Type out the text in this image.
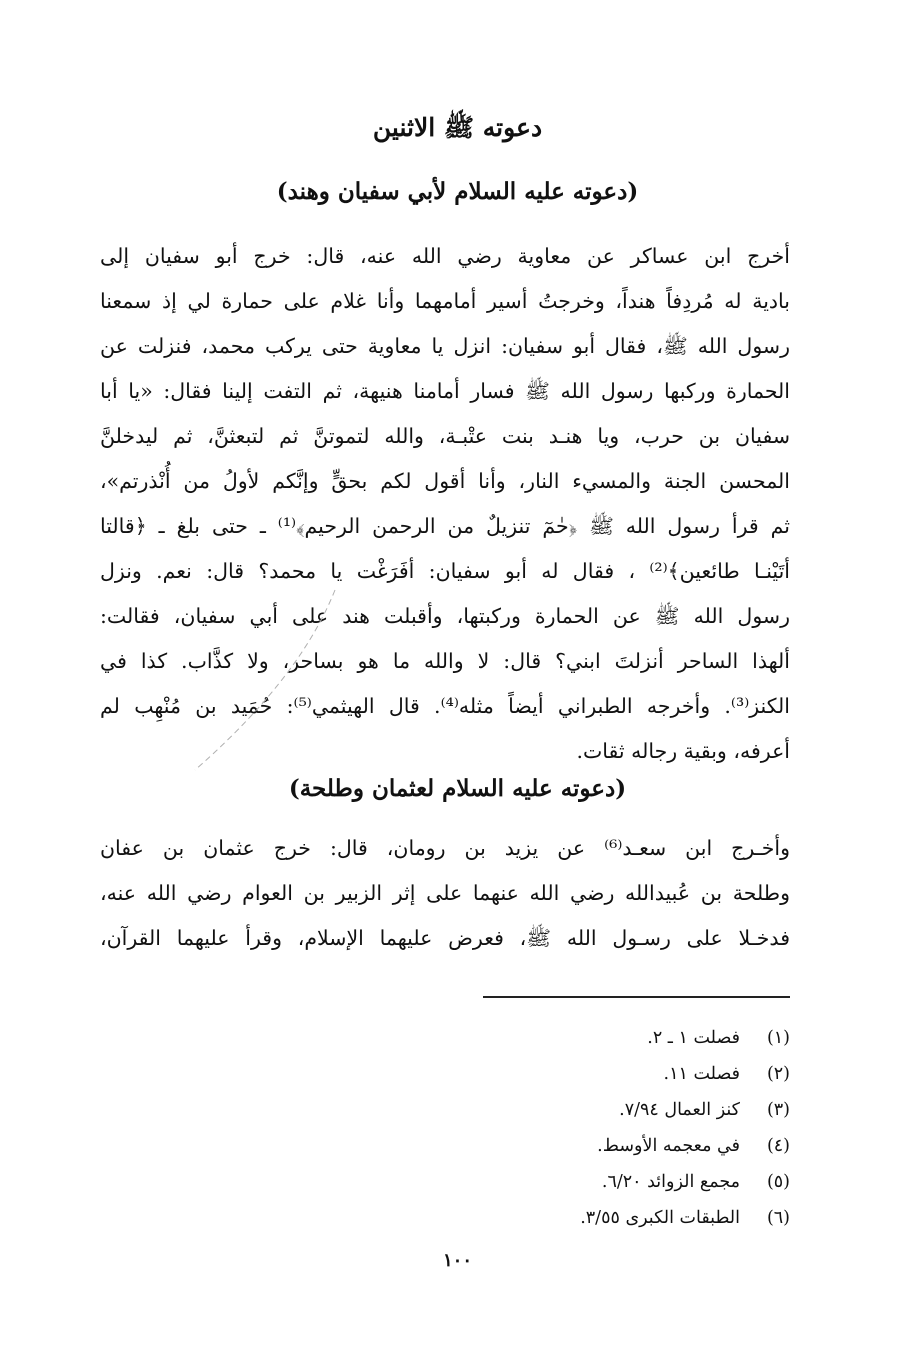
دعوته ﷺ الاثنين
(دعوته عليه السلام لأبي سفيان وهند)
أخرج ابن عساكر عن معاوية رضي الله عنه، قال: خرج أبو سفيان إلى
بادية له مُردِفاً هنداً، وخرجتُ أسير أمامهما وأنا غلام على حمارة لي إذ سمعنا
رسول الله ﷺ، فقال أبو سفيان: انزل يا معاوية حتى يركب محمد، فنزلت عن
الحمارة وركبها رسول الله ﷺ فسار أمامنا هنيهة، ثم التفت إلينا فقال: «يا أبا
سفيان بن حرب، ويا هنـد بنت عتْبـة، والله لتموتنَّ ثم لتبعثنَّ، ثم ليدخلنَّ
المحسن الجنة والمسيء النار، وأنا أقول لكم بحقٍّ وإنَّكم لأولُ من أُنْذرتم»،
ثم قرأ رسول الله ﷺ ﴿حٰمٓ تنزيلٌ من الرحمن الرحيم﴾⁽¹⁾ ـ حتى بلغ ـ ﴿قالتا
أتَيْنـا طائعين﴾⁽²⁾ ، فقال له أبو سفيان: أفَرَغْت يا محمد؟ قال: نعم. ونزل
رسول الله ﷺ عن الحمارة وركبتها، وأقبلت هند على أبي سفيان، فقالت:
ألهذا الساحر أنزلتَ ابني؟ قال: لا والله ما هو بساحر، ولا كذَّاب. كذا في
الكنز⁽³⁾. وأخرجه الطبراني أيضاً مثله⁽⁴⁾. قال الهيثمي⁽⁵⁾: حُمَيد بن مُنْهِب لم
أعرفه، وبقية رجاله ثقات.
(دعوته عليه السلام لعثمان وطلحة)
وأخـرج ابن سعـد⁽⁶⁾ عن يزيد بن رومان، قال: خرج عثمان بن عفان
وطلحة بن عُبيدالله رضي الله عنهما على إثر الزبير بن العوام رضي الله عنه،
فدخـلا على رسـول الله ﷺ، فعرض عليهما الإسلام، وقرأ عليهما القرآن،
(١)فصلت ١ ـ ٢.
(٢)فصلت ١١.
(٣)كنز العمال ٧/٩٤.
(٤)في معجمه الأوسط.
(٥)مجمع الزوائد ٦/٢٠.
(٦)الطبقات الكبرى ٣/٥٥.
١٠٠
